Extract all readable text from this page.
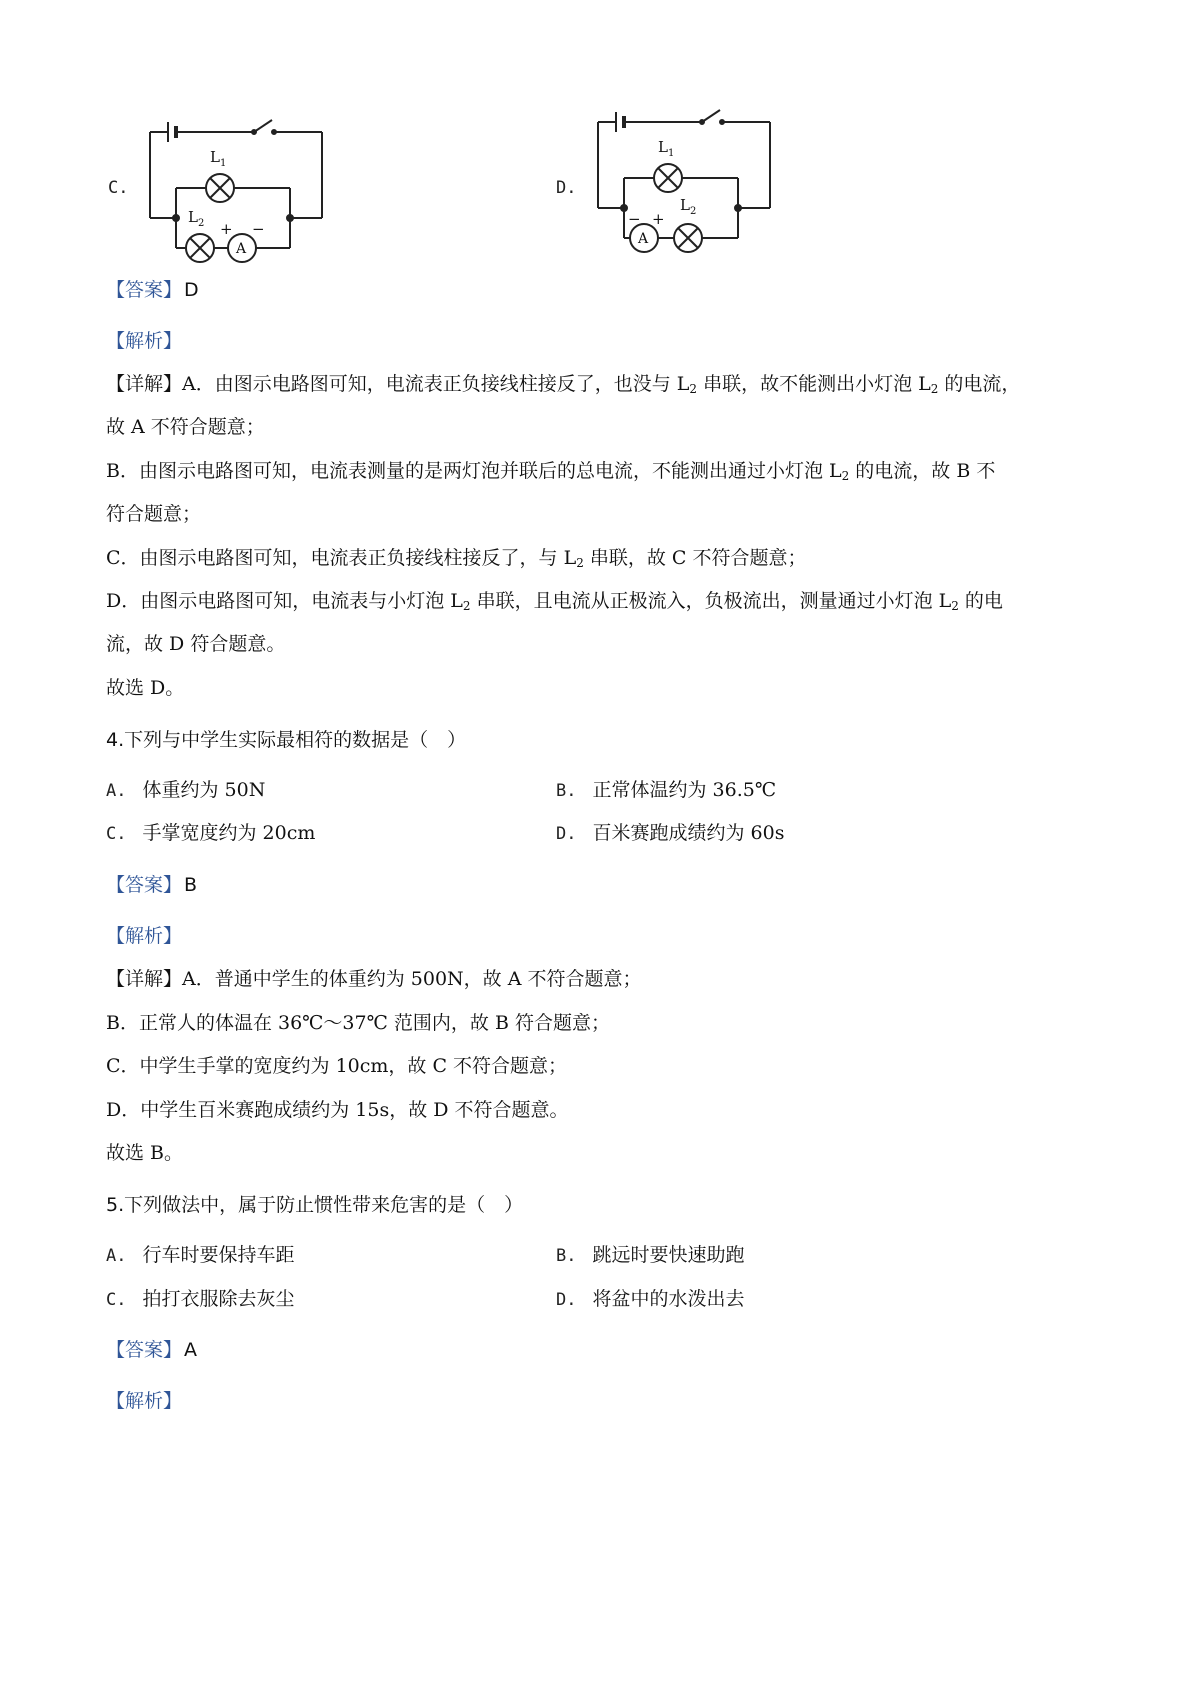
C.
$L_1$
$L_2$
A
+ −
D.
$L_1$
$L_2$
A
− +
【答案】 D
【解析】
【详解】A．由图示电路图可知，电流表正负接线柱接反了，也没与 $L_2$ 串联，故不能测出小灯泡 $L_2$ 的电流，
故 A 不符合题意；
B．由图示电路图可知，电流表测量的是两灯泡并联后的总电流，不能测出通过小灯泡 $L_2$ 的电流，故 B 不
符合题意；
C．由图示电路图可知，电流表正负接线柱接反了，与 $L_2$ 串联，故 C 不符合题意；
D．由图示电路图可知，电流表与小灯泡 $L_2$ 串联，且电流从正极流入，负极流出，测量通过小灯泡 $L_2$ 的电
流，故 D 符合题意。
故选 D。
4.下列与中学生实际最相符的数据是（　）
A. 体重约为 50N	B. 正常体温约为 36.5℃
C. 手掌宽度约为 20cm	D. 百米赛跑成绩约为 60s
【答案】 B
【解析】
【详解】A．普通中学生的体重约为 500N，故 A 不符合题意；
B．正常人的体温在 36℃～37℃ 范围内，故 B 符合题意；
C．中学生手掌的宽度约为 10cm，故 C 不符合题意；
D．中学生百米赛跑成绩约为 15s，故 D 不符合题意。
故选 B。
5.下列做法中，属于防止惯性带来危害的是（　）
A. 行车时要保持车距	B. 跳远时要快速助跑
C. 拍打衣服除去灰尘	D. 将盆中的水泼出去
【答案】 A
【解析】
